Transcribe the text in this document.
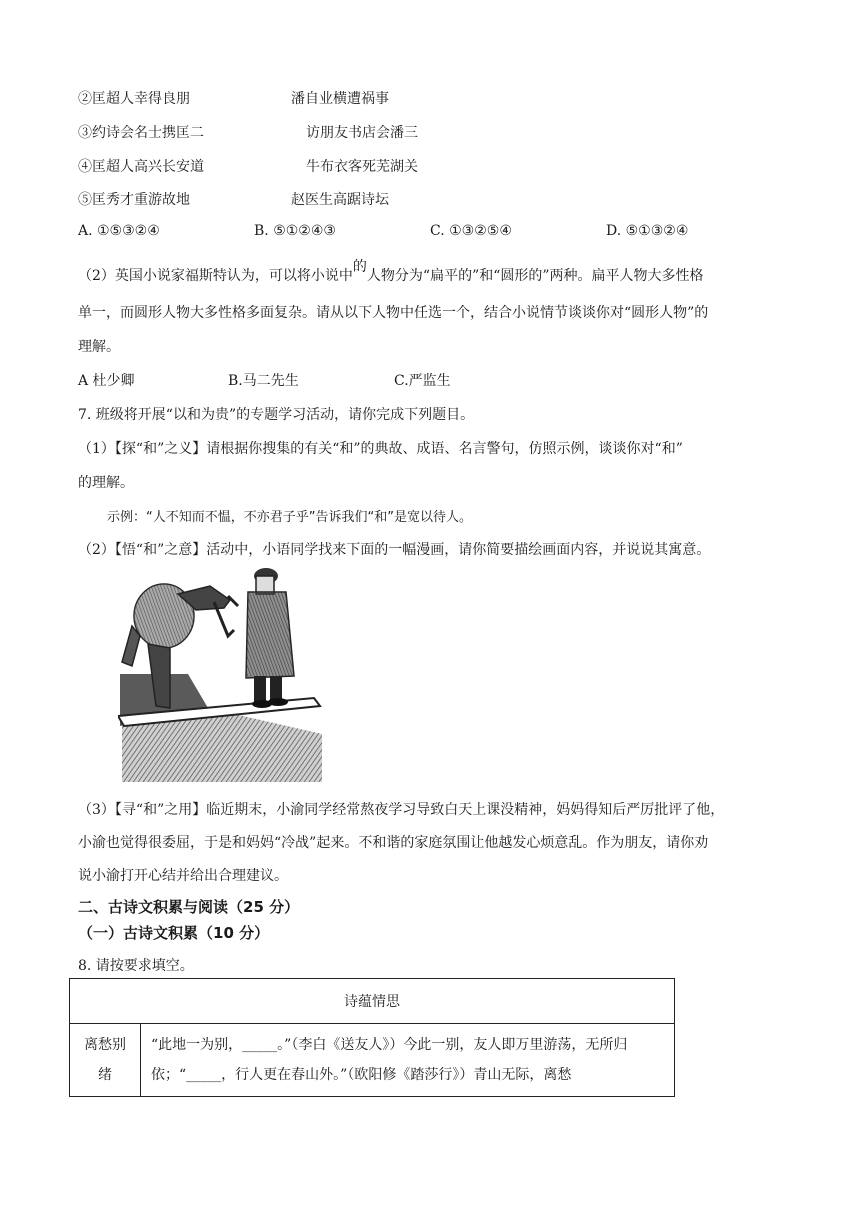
②匡超人幸得良朋	潘自业横遭祸事
③约诗会名士携匡二	访朋友书店会潘三
④匡超人高兴长安道	牛布衣客死芜湖关
⑤匡秀才重游故地	赵医生高踞诗坛
A. ①⑤③②④	B. ⑤①②④③	C. ①③②⑤④	D. ⑤①③②④
（2）英国小说家福斯特认为，可以将小说中的人物分为“扁平的”和“圆形的”两种。扁平人物大多性格
单一，而圆形人物大多性格多面复杂。请从以下人物中任选一个，结合小说情节谈谈你对“圆形人物”的
理解。
A 杜少卿	B.马二先生	C.严监生
7. 班级将开展“以和为贵”的专题学习活动，请你完成下列题目。
（1）【探“和”之义】请根据你搜集的有关“和”的典故、成语、名言警句，仿照示例，谈谈你对“和”
的理解。
示例：“人不知而不愠，不亦君子乎”告诉我们“和”是宽以待人。
（2）【悟“和”之意】活动中，小语同学找来下面的一幅漫画，请你简要描绘画面内容，并说说其寓意。
（3）【寻“和”之用】临近期末，小渝同学经常熬夜学习导致白天上课没精神，妈妈得知后严厉批评了他，
小渝也觉得很委屈，于是和妈妈“冷战”起来。不和谐的家庭氛围让他越发心烦意乱。作为朋友，请你劝
说小渝打开心结并给出合理建议。
二、古诗文积累与阅读（25 分）
（一）古诗文积累（10 分）
8. 请按要求填空。
诗蕴情思

离愁别绪
	“此地一为别，_____。”（李白《送友人》）今此一别，友人即万里游荡，无所归依；“_____，行人更在春山外。”（欧阳修《踏莎行》）青山无际，离愁
